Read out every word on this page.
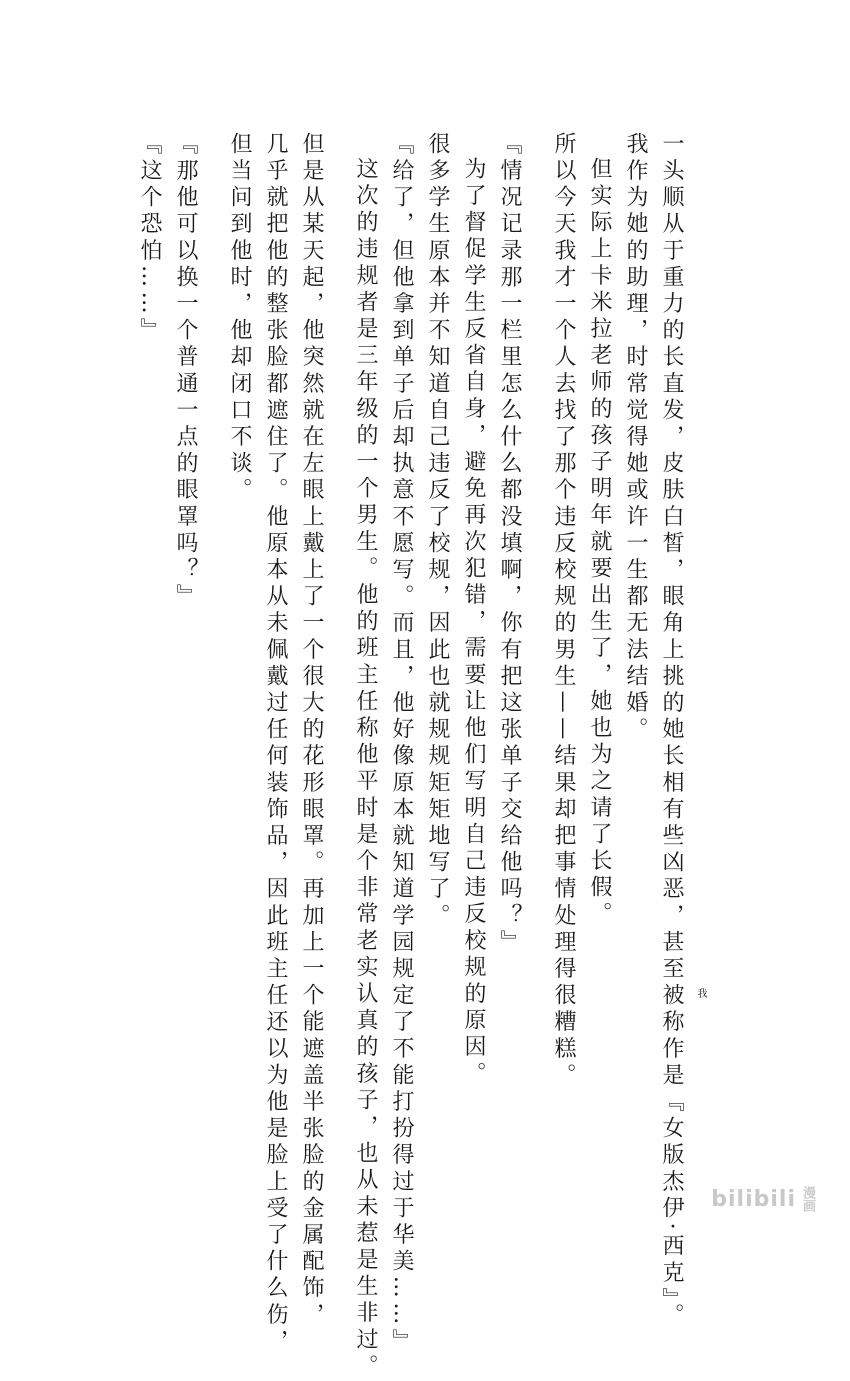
一头顺从于重力的长直发，皮肤白皙，眼角上挑的她长相有些凶恶，甚至被称作是『女版杰伊·西克』。 我
我作为她的助理，时常觉得她或许一生都无法结婚。
但实际上卡米拉老师的孩子明年就要出生了，她也为之请了长假。
所以今天我才一个人去找了那个违反校规的男生——结果却把事情处理得很糟糕。
『情况记录那一栏里怎么什么都没填啊，你有把这张单子交给他吗？』
为了督促学生反省自身，避免再次犯错，需要让他们写明自己违反校规的原因。
很多学生原本并不知道自己违反了校规，因此也就规规矩矩地写了。
『给了，但他拿到单子后却执意不愿写。而且，他好像原本就知道学园规定了不能打扮得过于华美……』
这次的违规者是三年级的一个男生。他的班主任称他平时是个非常老实认真的孩子，也从未惹是生非过。
但是从某天起，他突然就在左眼上戴上了一个很大的花形眼罩。再加上一个能遮盖半张脸的金属配饰，
几乎就把他的整张脸都遮住了。他原本从未佩戴过任何装饰品，因此班主任还以为他是脸上受了什么伤，
但当问到他时，他却闭口不谈。
『那他可以换一个普通一点的眼罩吗？』
『这个恐怕……』
bilibili 漫画
